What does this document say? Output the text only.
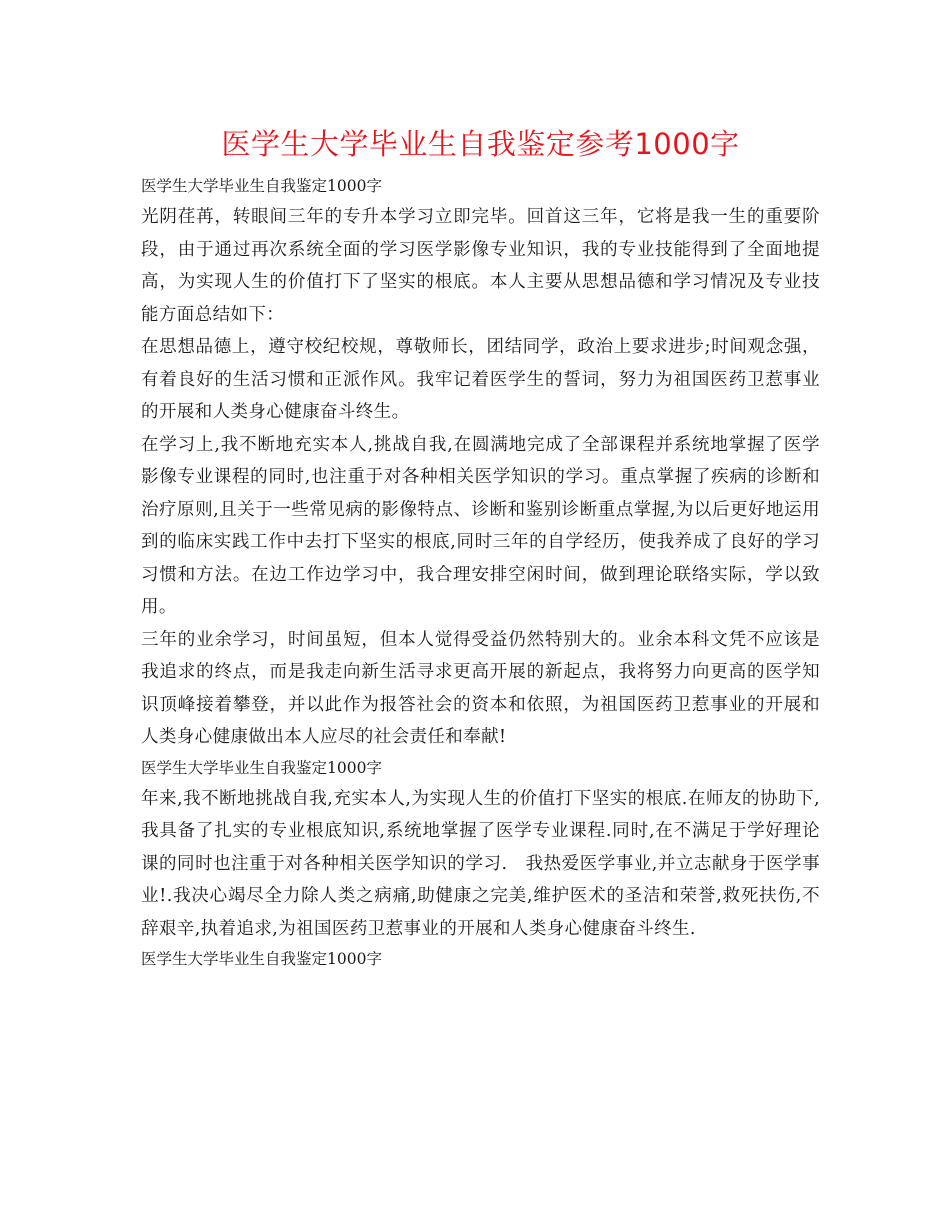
医学生大学毕业生自我鉴定参考1000字

医学生大学毕业生自我鉴定1000字

光阴荏苒，转眼间三年的专升本学习立即完毕。回首这三年，它将是我一生的重要阶段，由于通过再次系统全面的学习医学影像专业知识，我的专业技能得到了全面地提高，为实现人生的价值打下了坚实的根底。本人主要从思想品德和学习情况及专业技能方面总结如下：

在思想品德上，遵守校纪校规，尊敬师长，团结同学，政治上要求进步;时间观念强，有着良好的生活习惯和正派作风。我牢记着医学生的誓词，努力为祖国医药卫惹事业的开展和人类身心健康奋斗终生。

在学习上,我不断地充实本人,挑战自我,在圆满地完成了全部课程并系统地掌握了医学影像专业课程的同时,也注重于对各种相关医学知识的学习。重点掌握了疾病的诊断和治疗原则,且关于一些常见病的影像特点、诊断和鉴别诊断重点掌握,为以后更好地运用到的临床实践工作中去打下坚实的根底,同时三年的自学经历，使我养成了良好的学习习惯和方法。在边工作边学习中，我合理安排空闲时间，做到理论联络实际，学以致用。

三年的业余学习，时间虽短，但本人觉得受益仍然特别大的。业余本科文凭不应该是我追求的终点，而是我走向新生活寻求更高开展的新起点，我将努力向更高的医学知识顶峰接着攀登，并以此作为报答社会的资本和依照，为祖国医药卫惹事业的开展和人类身心健康做出本人应尽的社会责任和奉献!

医学生大学毕业生自我鉴定1000字

年来,我不断地挑战自我,充实本人,为实现人生的价值打下坚实的根底.在师友的协助下,我具备了扎实的专业根底知识,系统地掌握了医学专业课程.同时,在不满足于学好理论课的同时也注重于对各种相关医学知识的学习.　我热爱医学事业,并立志献身于医学事业!.我决心竭尽全力除人类之病痛,助健康之完美,维护医术的圣洁和荣誉,救死扶伤,不辞艰辛,执着追求,为祖国医药卫惹事业的开展和人类身心健康奋斗终生.

医学生大学毕业生自我鉴定1000字
